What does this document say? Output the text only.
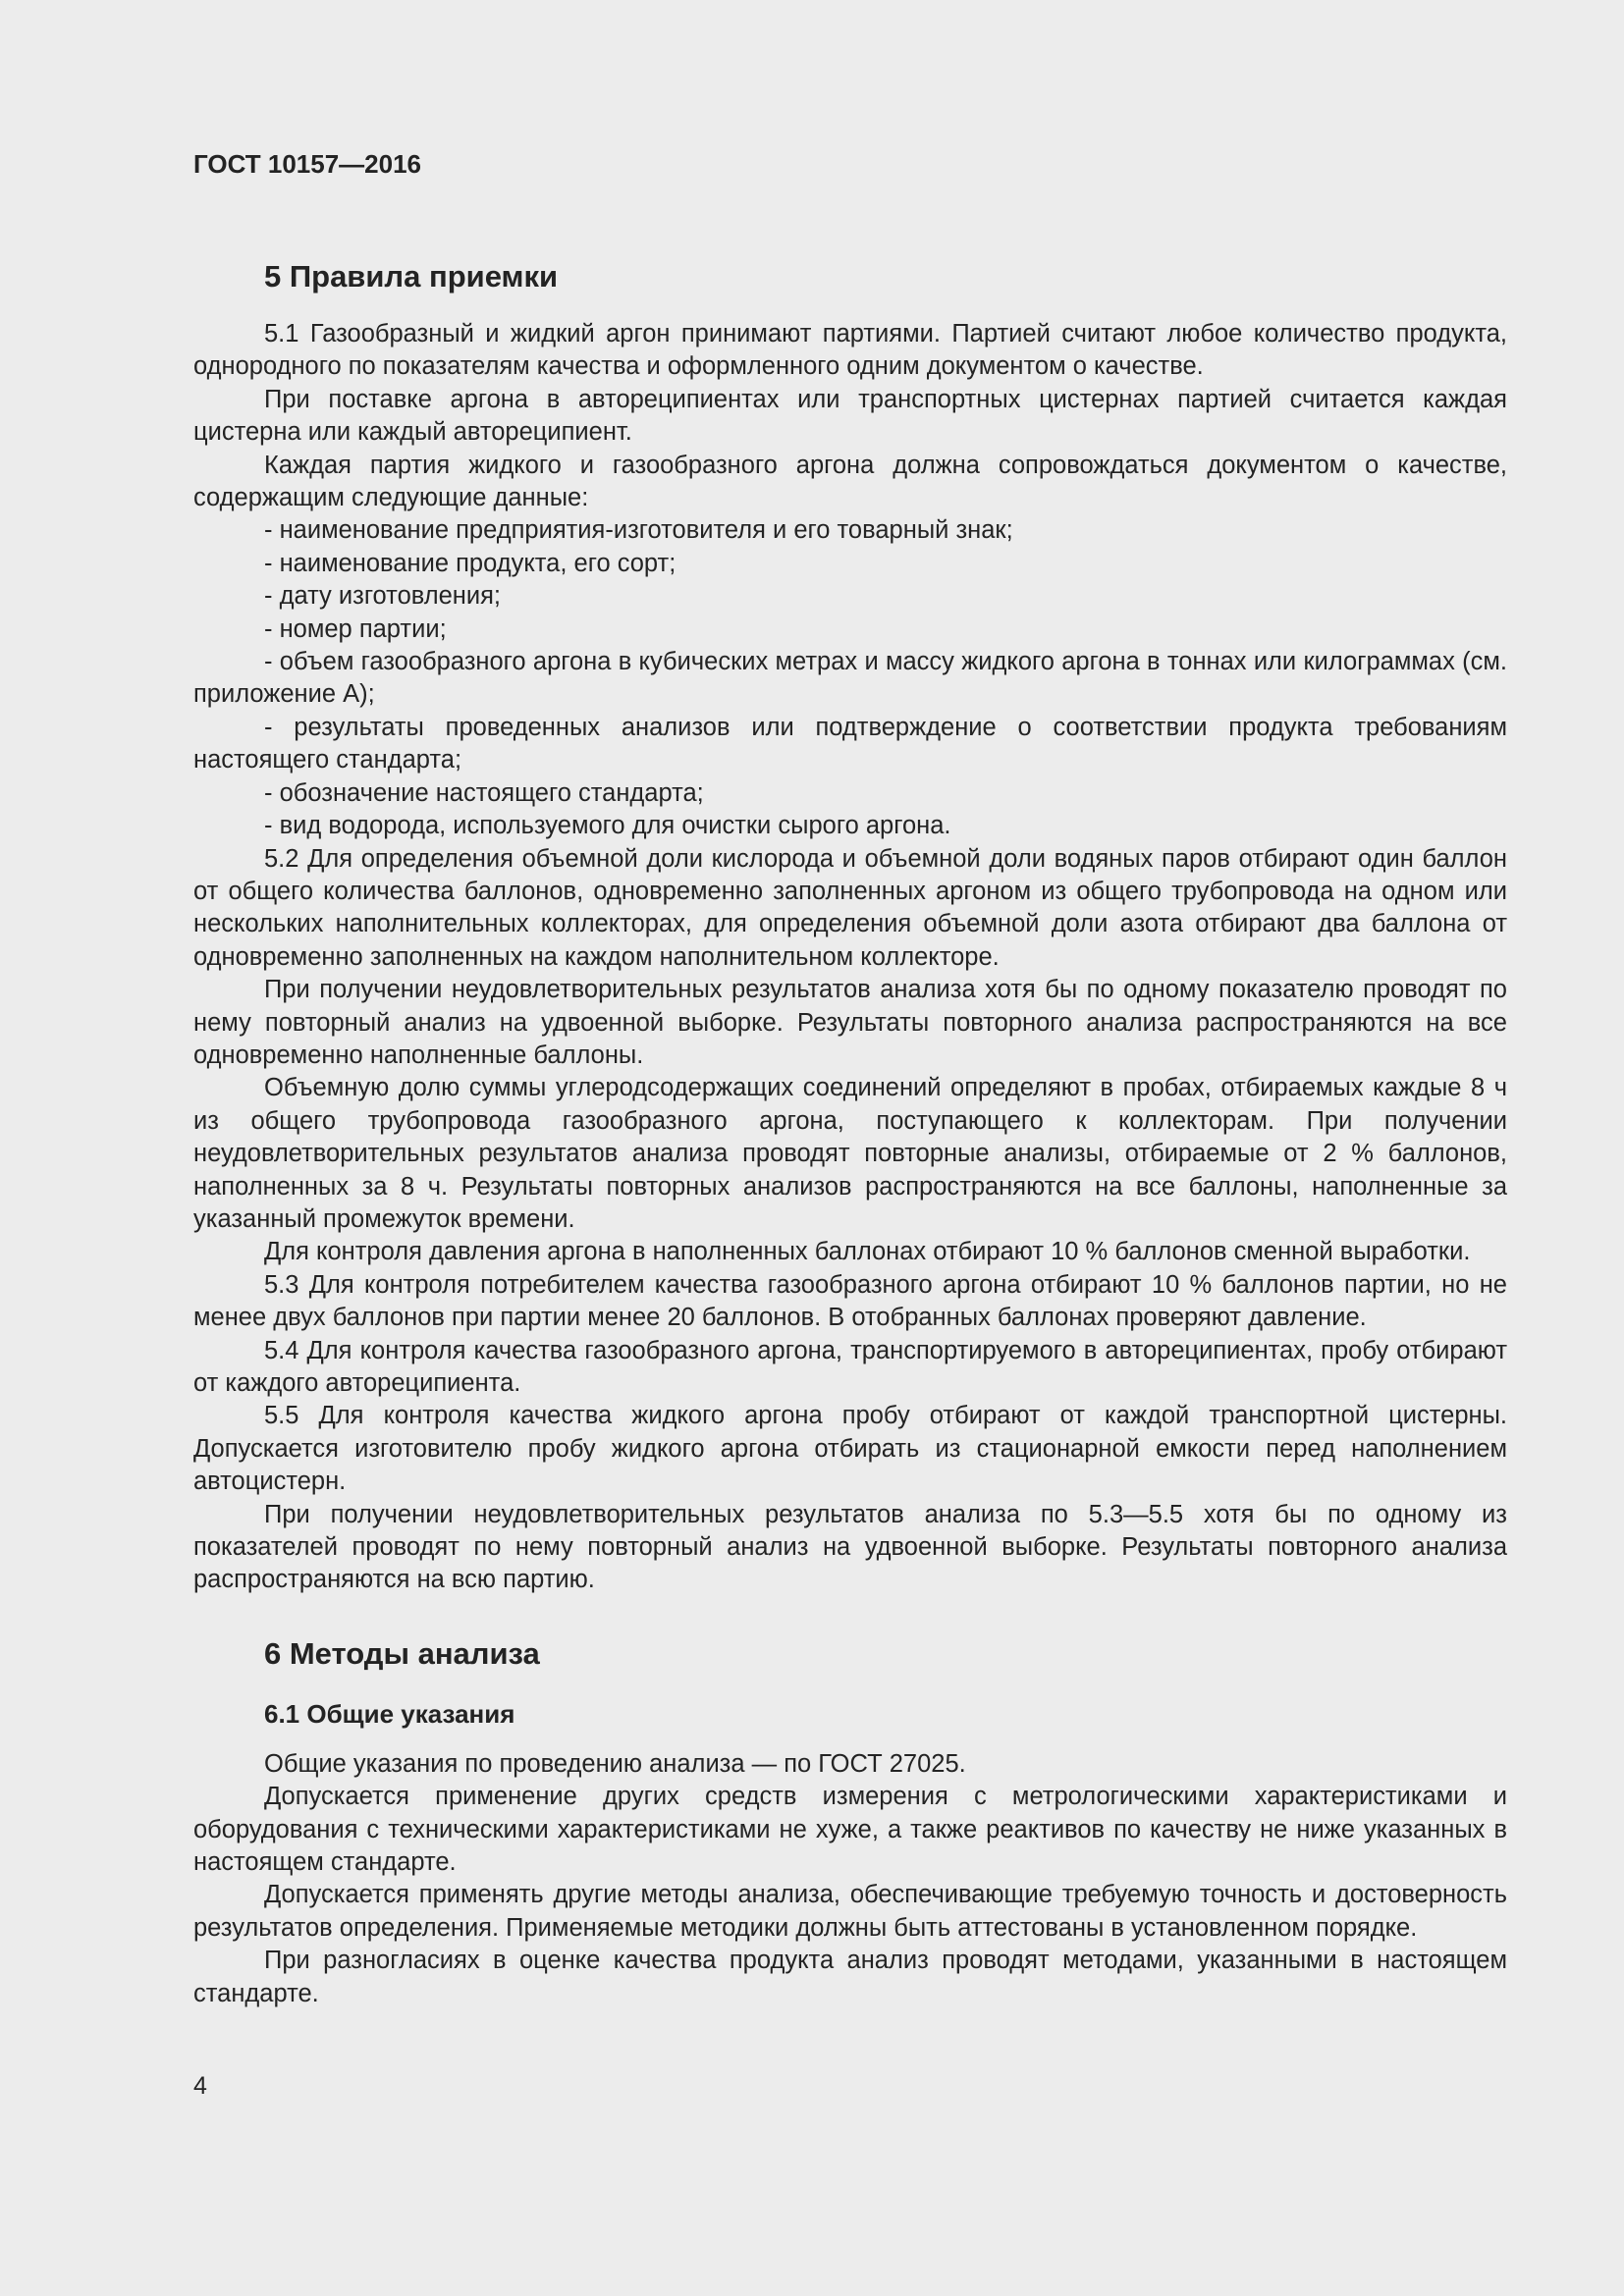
ГОСТ 10157—2016

5 Правила приемки

5.1 Газообразный и жидкий аргон принимают партиями. Партией считают любое количество продукта, однородного по показателям качества и оформленного одним документом о качестве.

При поставке аргона в автореципиентах или транспортных цистернах партией считается каждая цистерна или каждый автореципиент.

Каждая партия жидкого и газообразного аргона должна сопровождаться документом о качестве, содержащим следующие данные:

- наименование предприятия-изготовителя и его товарный знак;

- наименование продукта, его сорт;

- дату изготовления;

- номер партии;

- объем газообразного аргона в кубических метрах и массу жидкого аргона в тоннах или килограммах (см. приложение А);

- результаты проведенных анализов или подтверждение о соответствии продукта требованиям настоящего стандарта;

- обозначение настоящего стандарта;

- вид водорода, используемого для очистки сырого аргона.

5.2 Для определения объемной доли кислорода и объемной доли водяных паров отбирают один баллон от общего количества баллонов, одновременно заполненных аргоном из общего трубопровода на одном или нескольких наполнительных коллекторах, для определения объемной доли азота отбирают два баллона от одновременно заполненных на каждом наполнительном коллекторе.

При получении неудовлетворительных результатов анализа хотя бы по одному показателю проводят по нему повторный анализ на удвоенной выборке. Результаты повторного анализа распространяются на все одновременно наполненные баллоны.

Объемную долю суммы углеродсодержащих соединений определяют в пробах, отбираемых каждые 8 ч из общего трубопровода газообразного аргона, поступающего к коллекторам. При получении неудовлетворительных результатов анализа проводят повторные анализы, отбираемые от 2 % баллонов, наполненных за 8 ч. Результаты повторных анализов распространяются на все баллоны, наполненные за указанный промежуток времени.

Для контроля давления аргона в наполненных баллонах отбирают 10 % баллонов сменной выработки.

5.3 Для контроля потребителем качества газообразного аргона отбирают 10 % баллонов партии, но не менее двух баллонов при партии менее 20 баллонов. В отобранных баллонах проверяют давление.

5.4 Для контроля качества газообразного аргона, транспортируемого в автореципиентах, пробу отбирают от каждого автореципиента.

5.5 Для контроля качества жидкого аргона пробу отбирают от каждой транспортной цистерны. Допускается изготовителю пробу жидкого аргона отбирать из стационарной емкости перед наполнением автоцистерн.

При получении неудовлетворительных результатов анализа по 5.3—5.5 хотя бы по одному из показателей проводят по нему повторный анализ на удвоенной выборке. Результаты повторного анализа распространяются на всю партию.

6 Методы анализа
6.1 Общие указания

Общие указания по проведению анализа — по ГОСТ 27025.

Допускается применение других средств измерения с метрологическими характеристиками и оборудования с техническими характеристиками не хуже, а также реактивов по качеству не ниже указанных в настоящем стандарте.

Допускается применять другие методы анализа, обеспечивающие требуемую точность и достоверность результатов определения. Применяемые методики должны быть аттестованы в установленном порядке.

При разногласиях в оценке качества продукта анализ проводят методами, указанными в настоящем стандарте.

4
